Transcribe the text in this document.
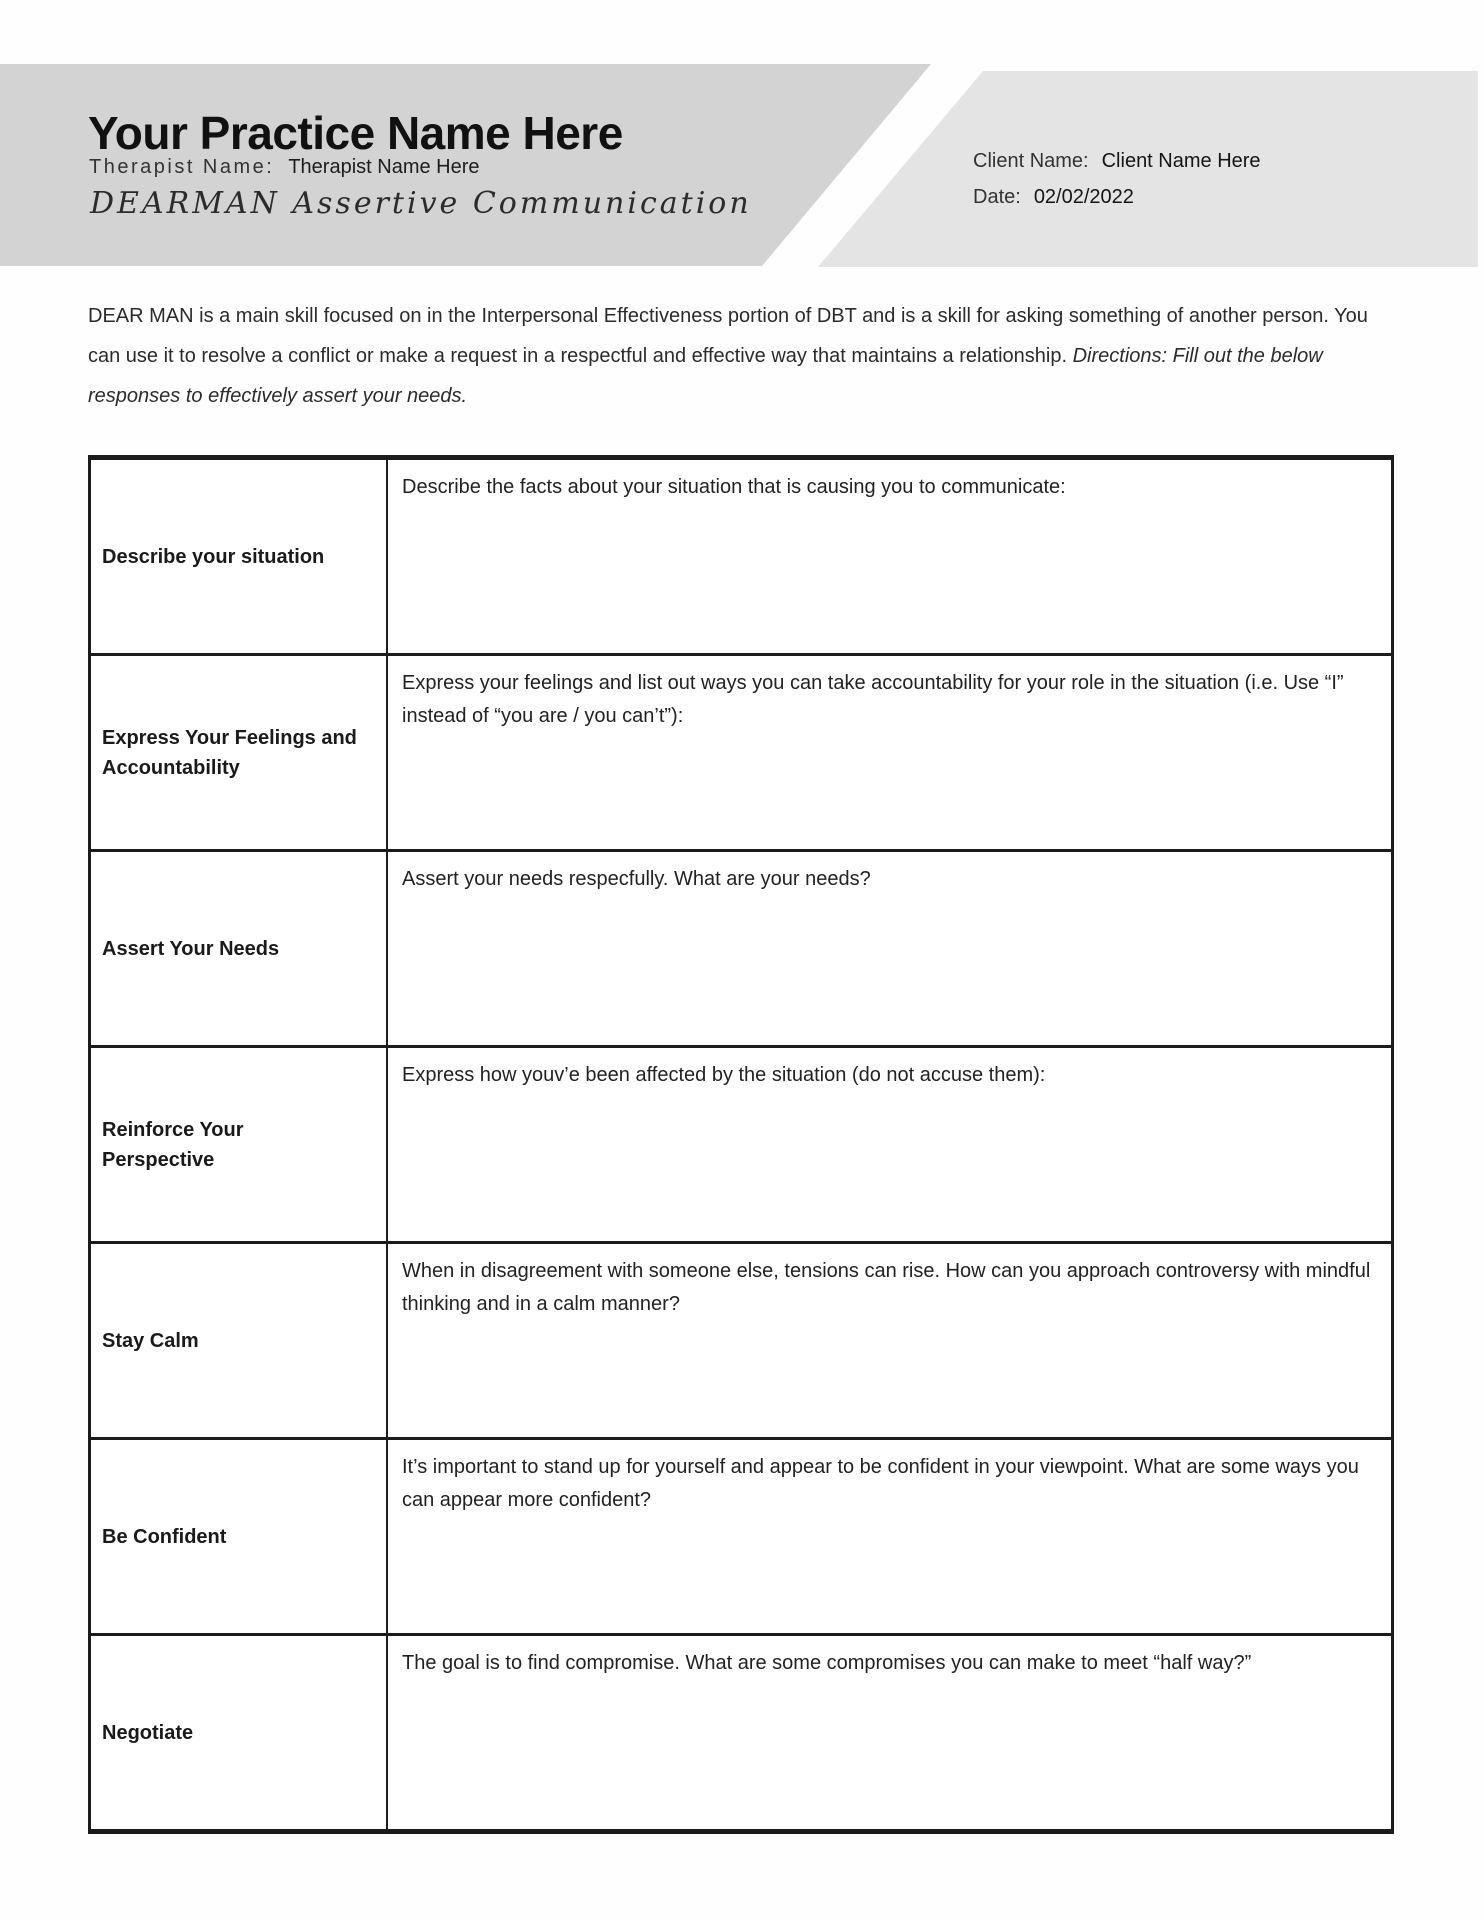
Your Practice Name Here
Therapist Name: Therapist Name Here
DEARMAN Assertive Communication
Client Name: Client Name Here
Date: 02/02/2022

DEAR MAN is a main skill focused on in the Interpersonal Effectiveness portion of DBT and is a skill for asking something of another person. You can use it to resolve a conflict or make a request in a respectful and effective way that maintains a relationship. Directions: Fill out the below responses to effectively assert your needs.

Describe your situation
Describe the facts about your situation that is causing you to communicate:
Express Your Feelings and Accountability
Express your feelings and list out ways you can take accountability for your role in the situation (i.e. Use “I” instead of “you are / you can’t”):
Assert Your Needs
Assert your needs respecfully. What are your needs?
Reinforce Your Perspective
Express how youv’e been affected by the situation (do not accuse them):
Stay Calm
When in disagreement with someone else, tensions can rise. How can you approach controversy with mindful thinking and in a calm manner?
Be Confident
It’s important to stand up for yourself and appear to be confident in your viewpoint. What are some ways you can appear more confident?
Negotiate
The goal is to find compromise. What are some compromises you can make to meet “half way?”
